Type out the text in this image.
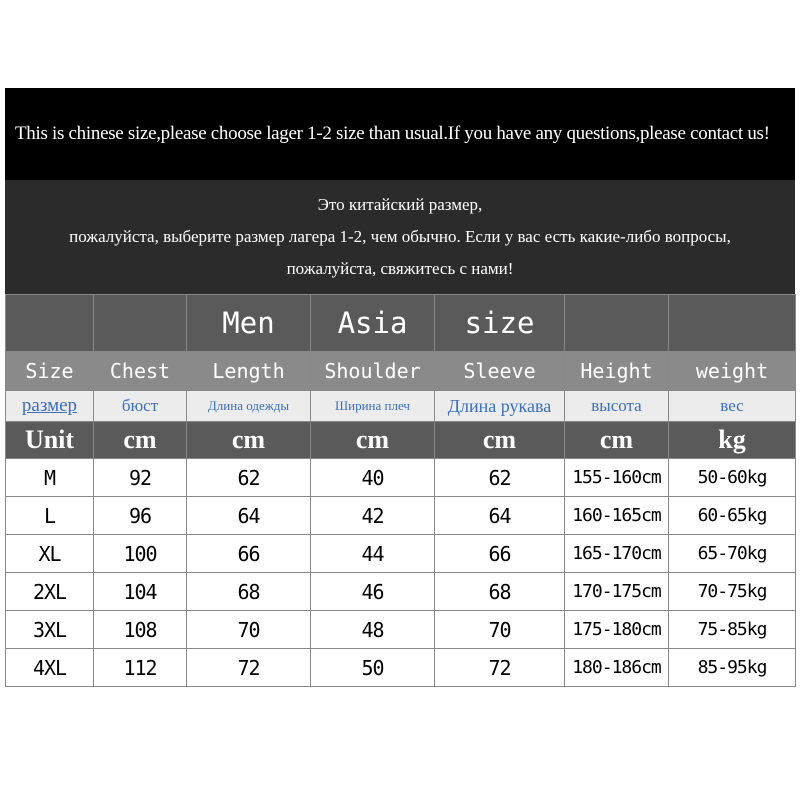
This is chinese size,please choose lager 1-2 size than usual.If you have any questions,please contact us!
Это китайский размер,
пожалуйста, выберите размер лагера 1-2, чем обычно. Если у вас есть какие-либо вопросы,
пожалуйста, свяжитесь с нами!
		Men	Asia	size		
Size	Chest	Length	Shoulder	Sleeve	Height	weight
размер	бюст	Длина одежды	Ширина плеч	Длина рукава	высота	вес
Unit	cm	cm	cm	cm	cm	kg
M	92	62	40	62	155-160cm	50-60kg
L	96	64	42	64	160-165cm	60-65kg
XL	100	66	44	66	165-170cm	65-70kg
2XL	104	68	46	68	170-175cm	70-75kg
3XL	108	70	48	70	175-180cm	75-85kg
4XL	112	72	50	72	180-186cm	85-95kg
